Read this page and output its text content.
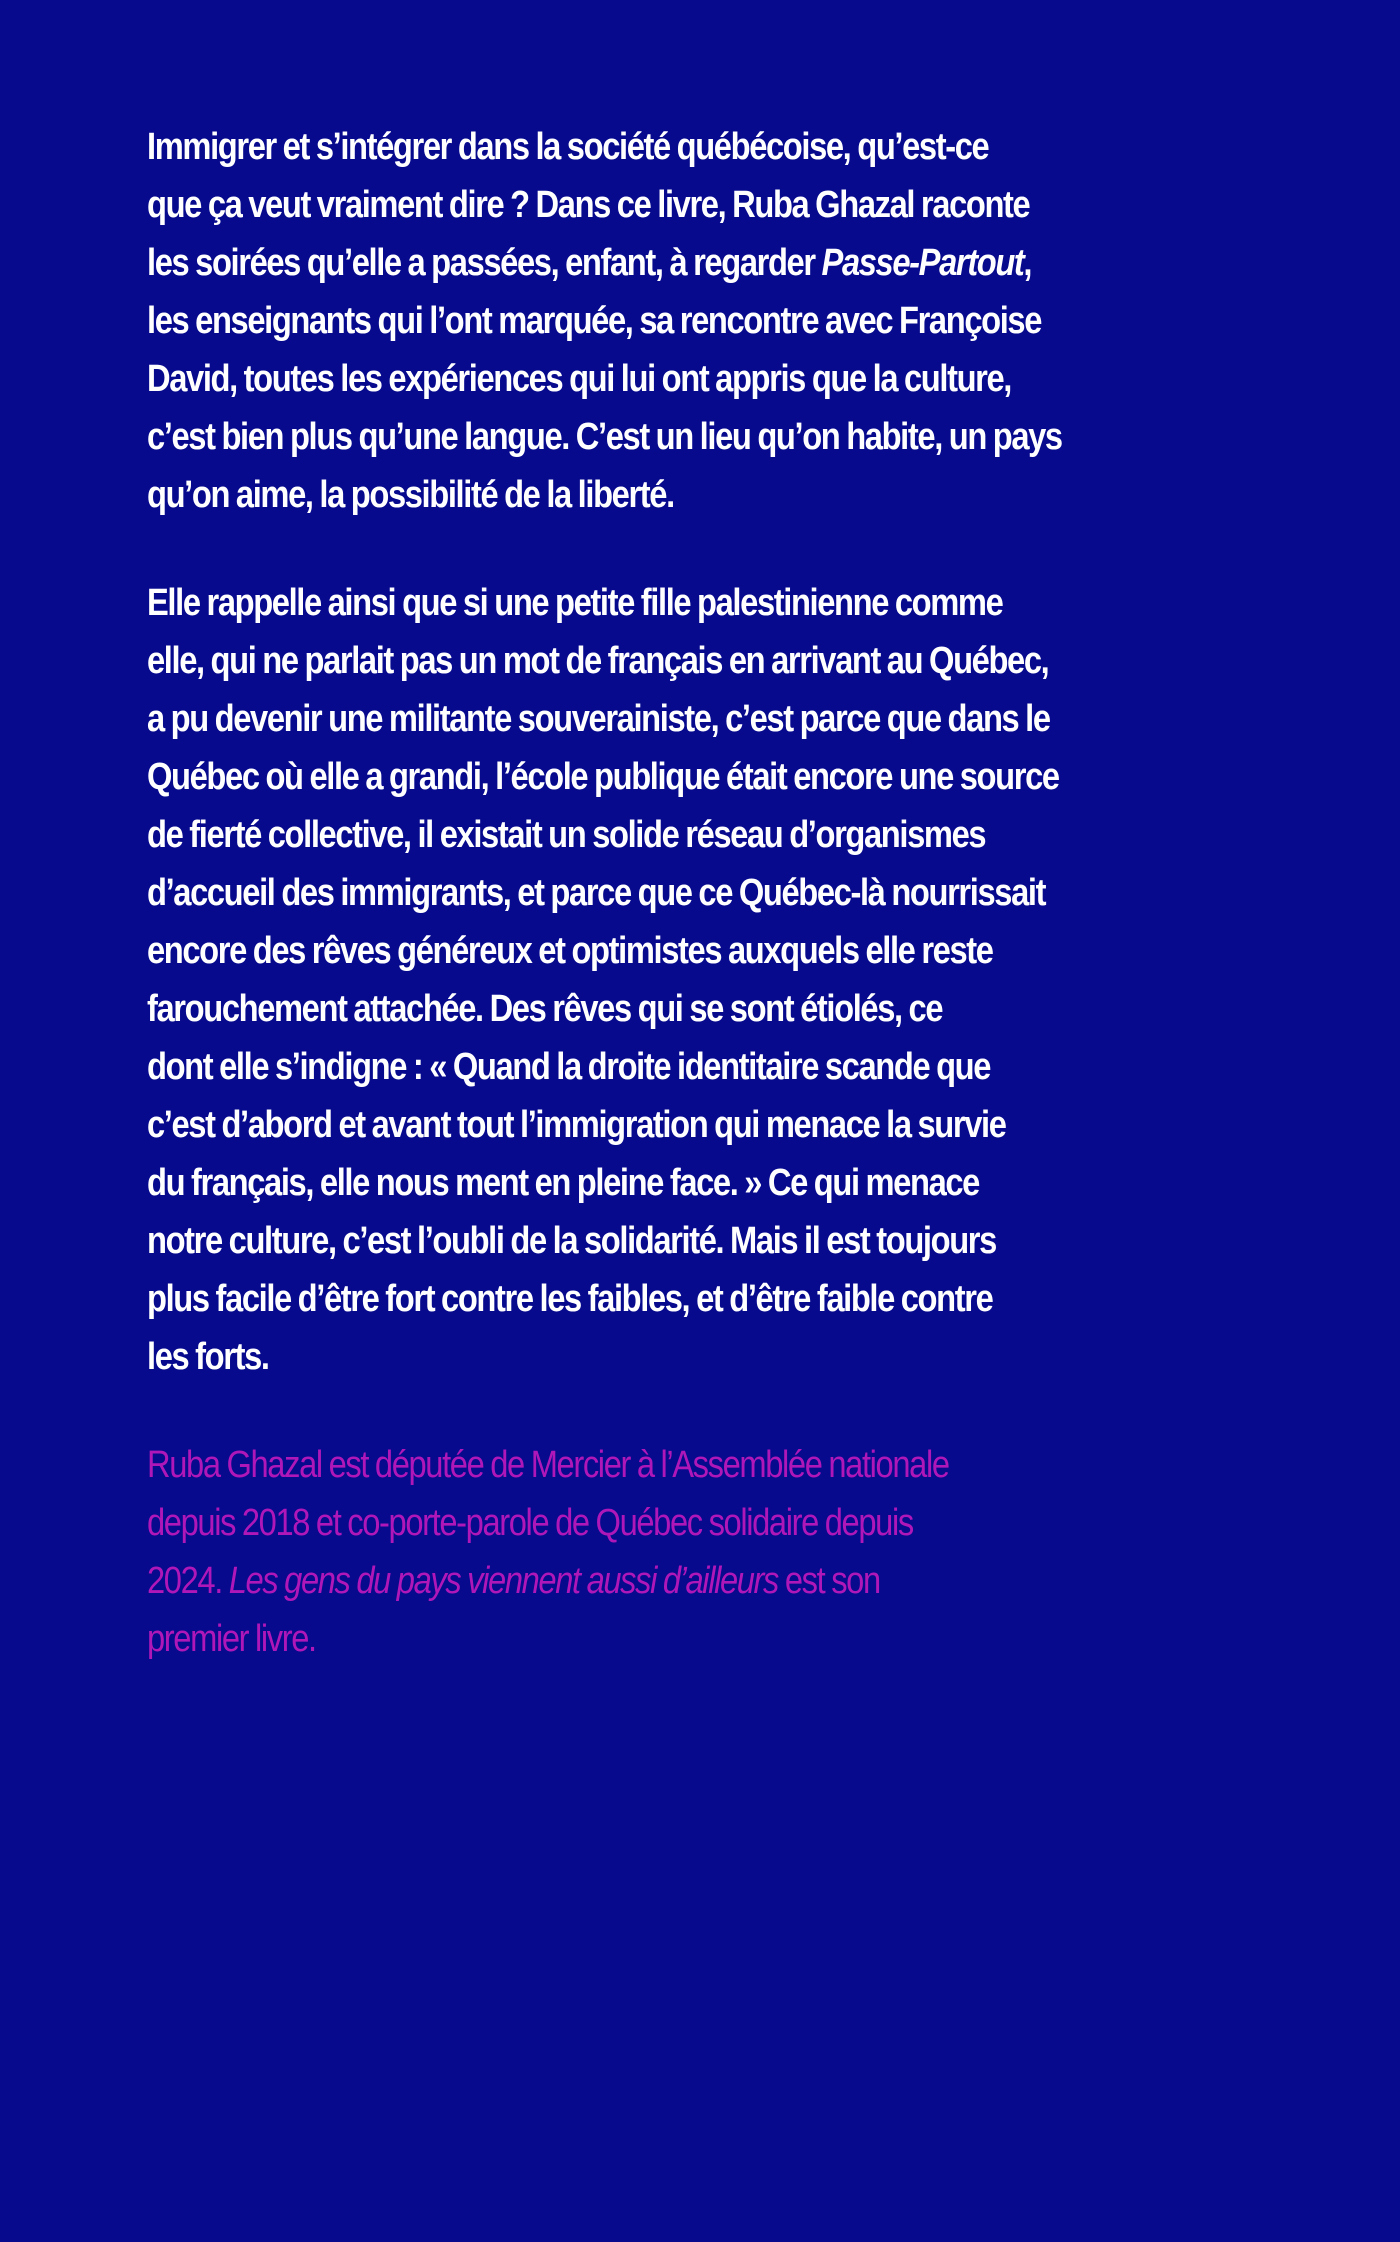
Immigrer et s’intégrer dans la société québécoise, qu’est-ce
que ça veut vraiment dire ? Dans ce livre, Ruba Ghazal raconte
les soirées qu’elle a passées, enfant, à regarder Passe-Partout,
les enseignants qui l’ont marquée, sa rencontre avec Françoise
David, toutes les expériences qui lui ont appris que la culture,
c’est bien plus qu’une langue. C’est un lieu qu’on habite, un pays
qu’on aime, la possibilité de la liberté.
Elle rappelle ainsi que si une petite fille palestinienne comme
elle, qui ne parlait pas un mot de français en arrivant au Québec,
a pu devenir une militante souverainiste, c’est parce que dans le
Québec où elle a grandi, l’école publique était encore une source
de fierté collective, il existait un solide réseau d’organismes
d’accueil des immigrants, et parce que ce Québec-là nourrissait
encore des rêves généreux et optimistes auxquels elle reste
farouchement attachée. Des rêves qui se sont étiolés, ce
dont elle s’indigne : « Quand la droite identitaire scande que
c’est d’abord et avant tout l’immigration qui menace la survie
du français, elle nous ment en pleine face. » Ce qui menace
notre culture, c’est l’oubli de la solidarité. Mais il est toujours
plus facile d’être fort contre les faibles, et d’être faible contre
les forts.
Ruba Ghazal est députée de Mercier à l’Assemblée nationale
depuis 2018 et co-porte-parole de Québec solidaire depuis
2024. Les gens du pays viennent aussi d’ailleurs est son
premier livre.
